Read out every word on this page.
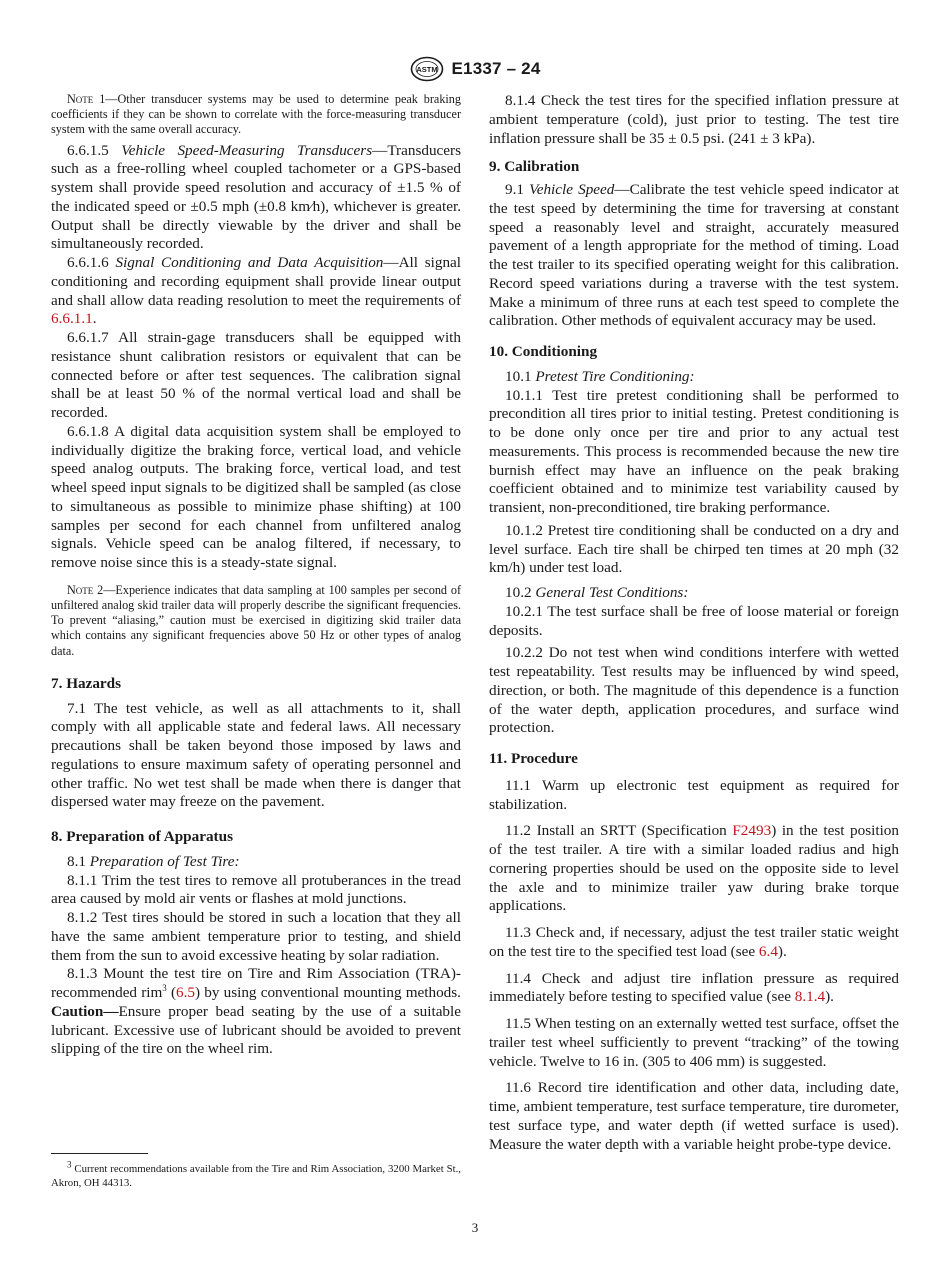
ASTM E1337 – 24

Note 1—Other transducer systems may be used to determine peak braking coefficients if they can be shown to correlate with the force-measuring transducer system with the same overall accuracy.

6.6.1.5 Vehicle Speed-Measuring Transducers—Transducers such as a free-rolling wheel coupled tachometer or a GPS-based system shall provide speed resolution and accuracy of ±1.5 % of the indicated speed or ±0.5 mph (±0.8 km⁄h), whichever is greater. Output shall be directly viewable by the driver and shall be simultaneously recorded.

6.6.1.6 Signal Conditioning and Data Acquisition—All signal conditioning and recording equipment shall provide linear output and shall allow data reading resolution to meet the requirements of 6.6.1.1.

6.6.1.7 All strain-gage transducers shall be equipped with resistance shunt calibration resistors or equivalent that can be connected before or after test sequences. The calibration signal shall be at least 50 % of the normal vertical load and shall be recorded.

6.6.1.8 A digital data acquisition system shall be employed to individually digitize the braking force, vertical load, and vehicle speed analog outputs. The braking force, vertical load, and test wheel speed input signals to be digitized shall be sampled (as close to simultaneous as possible to minimize phase shifting) at 100 samples per second for each channel from unfiltered analog signals. Vehicle speed can be analog filtered, if necessary, to remove noise since this is a steady-state signal.

Note 2—Experience indicates that data sampling at 100 samples per second of unfiltered analog skid trailer data will properly describe the significant frequencies. To prevent “aliasing,” caution must be exercised in digitizing skid trailer data which contains any significant frequencies above 50 Hz or other types of analog data.

7. Hazards

7.1 The test vehicle, as well as all attachments to it, shall comply with all applicable state and federal laws. All necessary precautions shall be taken beyond those imposed by laws and regulations to ensure maximum safety of operating personnel and other traffic. No wet test shall be made when there is danger that dispersed water may freeze on the pavement.

8. Preparation of Apparatus

8.1 Preparation of Test Tire:

8.1.1 Trim the test tires to remove all protuberances in the tread area caused by mold air vents or flashes at mold junctions.

8.1.2 Test tires should be stored in such a location that they all have the same ambient temperature prior to testing, and shield them from the sun to avoid excessive heating by solar radiation.

8.1.3 Mount the test tire on Tire and Rim Association (TRA)-recommended rim$^3$ (6.5) by using conventional mounting methods. Caution—Ensure proper bead seating by the use of a suitable lubricant. Excessive use of lubricant should be avoided to prevent slipping of the tire on the wheel rim.

8.1.4 Check the test tires for the specified inflation pressure at ambient temperature (cold), just prior to testing. The test tire inflation pressure shall be 35 ± 0.5 psi. (241 ± 3 kPa).

9. Calibration

9.1 Vehicle Speed—Calibrate the test vehicle speed indicator at the test speed by determining the time for traversing at constant speed a reasonably level and straight, accurately measured pavement of a length appropriate for the method of timing. Load the test trailer to its specified operating weight for this calibration. Record speed variations during a traverse with the test system. Make a minimum of three runs at each test speed to complete the calibration. Other methods of equivalent accuracy may be used.

10. Conditioning

10.1 Pretest Tire Conditioning:

10.1.1 Test tire pretest conditioning shall be performed to precondition all tires prior to initial testing. Pretest conditioning is to be done only once per tire and prior to any actual test measurements. This process is recommended because the new tire burnish effect may have an influence on the peak braking coefficient obtained and to minimize test variability caused by transient, non-preconditioned, tire braking performance.

10.1.2 Pretest tire conditioning shall be conducted on a dry and level surface. Each tire shall be chirped ten times at 20 mph (32 km/h) under test load.

10.2 General Test Conditions:

10.2.1 The test surface shall be free of loose material or foreign deposits.

10.2.2 Do not test when wind conditions interfere with wetted test repeatability. Test results may be influenced by wind speed, direction, or both. The magnitude of this dependence is a function of the water depth, application procedures, and surface wind protection.

11. Procedure

11.1 Warm up electronic test equipment as required for stabilization.

11.2 Install an SRTT (Specification F2493) in the test position of the test trailer. A tire with a similar loaded radius and high cornering properties should be used on the opposite side to level the axle and to minimize trailer yaw during brake torque applications.

11.3 Check and, if necessary, adjust the test trailer static weight on the test tire to the specified test load (see 6.4).

11.4 Check and adjust tire inflation pressure as required immediately before testing to specified value (see 8.1.4).

11.5 When testing on an externally wetted test surface, offset the trailer test wheel sufficiently to prevent “tracking” of the towing vehicle. Twelve to 16 in. (305 to 406 mm) is suggested.

11.6 Record tire identification and other data, including date, time, ambient temperature, test surface temperature, tire durometer, test surface type, and water depth (if wetted surface is used). Measure the water depth with a variable height probe-type device.

$^3$ Current recommendations available from the Tire and Rim Association, 3200 Market St., Akron, OH 44313.

3
